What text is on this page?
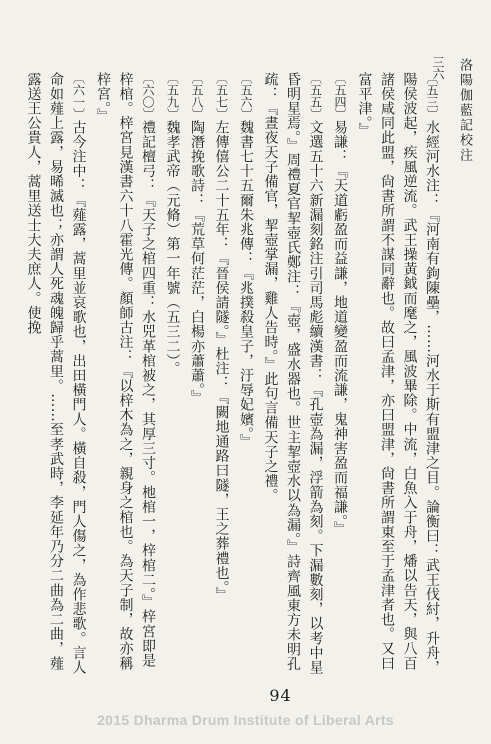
洛陽伽藍記校注
三六
〔五三〕水經河水注：『河南有鉤陳壘，……河水于斯有盟津之目。論衡曰：武王伐紂，升舟，陽侯波起，疾風逆流。武王操黃鉞而麾之，風波畢除。中流，白魚入于舟，燔以告天，與八百諸侯咸同此盟，尙書所謂不謀同辭也。故曰孟津，亦曰盟津，尙書所謂東至于孟津者也。又曰富平津。』
〔五四〕易謙：『天道虧盈而益謙，地道變盈而流謙，鬼神害盈而福謙。』
〔五五〕文選五十六新漏刻銘注引司馬彪續漢書：『孔壺為漏，浮箭為刻。下漏數刻，以考中星昏明星焉。』周禮夏官挈壺氏鄭注：『壺，盛水器也。世主挈壺水以為漏。』詩齊風東方未明孔疏：『晝夜天子備官，挈壺掌漏，雞人告時。』此句言備天子之禮。
〔五六〕魏書七十五爾朱兆傳：『兆撲殺皇子，汙辱妃嬪。』
〔五七〕左傳僖公二十五年：『晉侯請隧。』杜注：『闕地通路曰隧，王之葬禮也。』
〔五八〕陶潛挽歌詩：『荒草何茫茫，白楊亦蕭蕭。』
〔五九〕魏孝武帝（元脩）第一年號（五三二）。
〔六〇〕禮記檀弓：『天子之棺四重：水兕革棺被之，其厚三寸。杝棺一，梓棺二。』梓宮即是梓棺。梓宮見漢書六十八霍光傳。顏師古注：『以梓木為之，親身之棺也。為天子制，故亦稱梓宮。』
〔六一〕古今注中：『薤露，蒿里並哀歌也，出田橫門人。橫自殺，門人傷之，為作悲歌。言人命如薤上露，易晞滅也；亦謂人死魂魄歸乎蒿里。……至孝武時，李延年乃分二曲為二曲，薤露送王公貴人，蒿里送士大夫庶人。使挽
94
2015 Dharma Drum Institute of Liberal Arts
